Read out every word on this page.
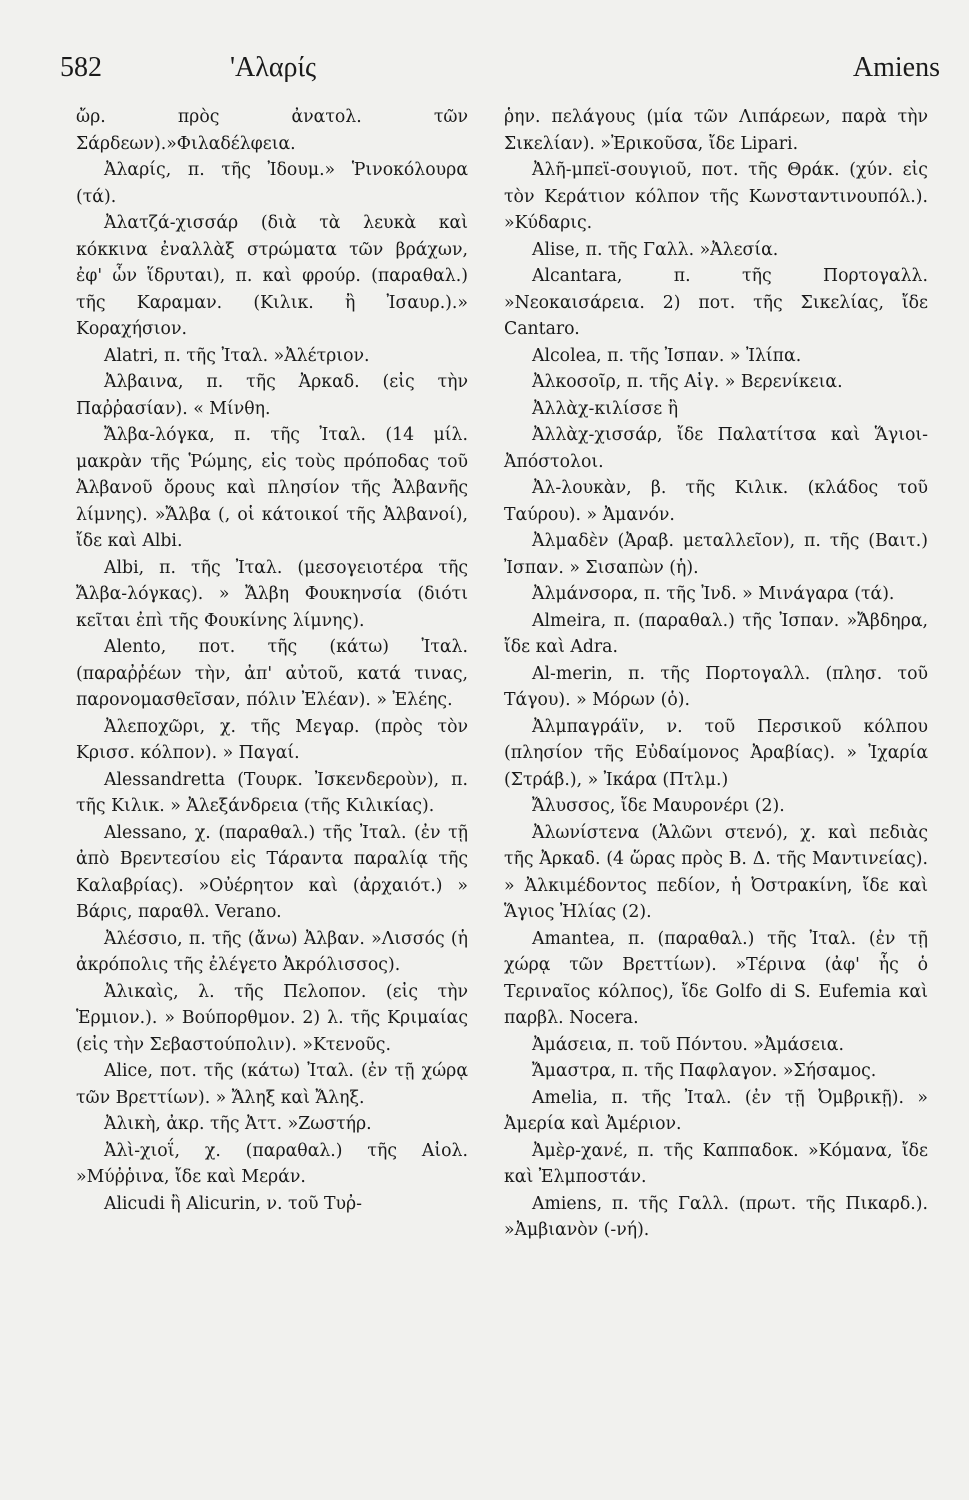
582	'Αλαρίς	Amiens

ὤρ. πρὸς ἀνατολ. τῶν Σάρδεων).»Φιλαδέλφεια.

Ἀλαρίς, π. τῆς Ἰδουμ.» Ῥινοκόλουρα (τά).

Ἀλατζά-χισσάρ (διὰ τὰ λευκὰ καὶ κόκκινα ἐναλλὰξ στρώματα τῶν βράχων, ἐφ' ὧν ἵδρυται), π. καὶ φρούρ. (παραθαλ.) τῆς Καραμαν. (Κιλικ. ἢ Ἰσαυρ.).» Κοραχήσιον.

Alatri, π. τῆς Ἰταλ. »Ἀλέτριον.

Ἀλβαινα, π. τῆς Ἀρκαδ. (εἰς τὴν Παῤῥασίαν). « Μίνθη.

Ἄλβα-λόγκα, π. τῆς Ἰταλ. (14 μίλ. μακρὰν τῆς Ῥώμης, εἰς τοὺς πρόποδας τοῦ Ἀλβανοῦ ὄρους καὶ πλησίον τῆς Ἀλβανῆς λίμνης). »Ἄλβα (, οἱ κάτοικοί τῆς Ἀλβανοί), ἴδε καὶ Albi.

Albi, π. τῆς Ἰταλ. (μεσογειοτέρα τῆς Ἄλβα-λόγκας). » Ἄλβη Φουκηνσία (διότι κεῖται ἐπὶ τῆς Φουκίνης λίμνης).

Alento, ποτ. τῆς (κάτω) Ἰταλ. (παραῤῥέων τὴν, ἀπ' αὐτοῦ, κατά τινας, παρονομασθεῖσαν, πόλιν Ἐλέαν). » Ἐλέης.

Ἀλεποχῶρι, χ. τῆς Μεγαρ. (πρὸς τὸν Κρισσ. κόλπον). » Παγαί.

Alessandretta (Τουρκ. Ἰσκενδεροὺν), π. τῆς Κιλικ. » Ἀλεξάνδρεια (τῆς Κιλικίας).

Alessano, χ. (παραθαλ.) τῆς Ἰταλ. (ἐν τῇ ἀπὸ Βρεντεσίου εἰς Τάραντα παραλίᾳ τῆς Καλαβρίας). »Οὐέρητον καὶ (ἀρχαιότ.) » Βάρις, παραθλ. Verano.

Ἀλέσσιο, π. τῆς (ἄνω) Ἀλβαν. »Λισσός (ἡ ἀκρόπολις τῆς ἐλέγετο Ἀκρόλισσος).

Ἀλικαὶς, λ. τῆς Πελοπον. (εἰς τὴν Ἑρμιον.). » Βούπορθμον. 2) λ. τῆς Κριμαίας (εἰς τὴν Σεβαστούπολιν). »Κτενοῦς.

Alice, ποτ. τῆς (κάτω) Ἰταλ. (ἐν τῇ χώρᾳ τῶν Βρεττίων). » Ἄληξ καὶ Ἄληξ.

Ἀλικὴ, ἀκρ. τῆς Ἀττ. »Ζωστήρ.

Ἀλὶ-χιοΐ, χ. (παραθαλ.) τῆς Αἰολ. »Μύῤῥινα, ἴδε καὶ Μεράν.

Alicudi ἢ Alicurin, ν. τοῦ Τυῤ-

ῥην. πελάγους (μία τῶν Λιπάρεων, παρὰ τὴν Σικελίαν). »Ἐρικοῦσα, ἴδε Lipari.

Ἀλῆ-μπεϊ-σουγιοῦ, ποτ. τῆς Θράκ. (χύν. εἰς τὸν Κεράτιον κόλπον τῆς Κωνσταντινουπόλ.). »Κύδαρις.

Alise, π. τῆς Γαλλ. »Ἀλεσία.

Alcantara, π. τῆς Πορτογαλλ. »Νεοκαισάρεια. 2) ποτ. τῆς Σικελίας, ἴδε Cantaro.

Alcolea, π. τῆς Ἰσπαν. » Ἰλίπα.

Ἀλκοσοῖρ, π. τῆς Αἰγ. » Βερενίκεια.

Ἀλλὰχ-κιλίσσε ἢ

Ἀλλὰχ-χισσάρ, ἴδε Παλατίτσα καὶ Ἅγιοι-Ἀπόστολοι.

Ἀλ-λουκὰν, β. τῆς Κιλικ. (κλάδος τοῦ Ταύρου). » Ἀμανόν.

Ἀλμαδὲν (Ἀραβ. μεταλλεῖον), π. τῆς (Βαιτ.) Ἰσπαν. » Σισαπὼν (ἡ).

Ἀλμάνσορα, π. τῆς Ἰνδ. » Μινάγαρα (τά).

Almeira, π. (παραθαλ.) τῆς Ἰσπαν. »Ἄβδηρα, ἴδε καὶ Adra.

Al-merin, π. τῆς Πορτογαλλ. (πλησ. τοῦ Τάγου). » Μόρων (ὁ).

Ἀλμπαγράϊν, ν. τοῦ Περσικοῦ κόλπου (πλησίον τῆς Εὐδαίμονος Ἀραβίας). » Ἰχαρία (Στράβ.), » Ἰκάρα (Πτλμ.)

Ἄλυσσος, ἴδε Μαυρονέρι (2).

Ἀλωνίστενα (Ἁλῶνι στενό), χ. καὶ πεδιὰς τῆς Ἀρκαδ. (4 ὥρας πρὸς Β. Δ. τῆς Μαντινείας). » Ἀλκιμέδοντος πεδίον, ἡ Ὀστρακίνη, ἴδε καὶ Ἅγιος Ἠλίας (2).

Amantea, π. (παραθαλ.) τῆς Ἰταλ. (ἐν τῇ χώρᾳ τῶν Βρεττίων). »Τέρινα (ἀφ' ἧς ὁ Τεριναῖος κόλπος), ἴδε Golfo di S. Eufemia καὶ παρβλ. Nocera.

Ἀμάσεια, π. τοῦ Πόντου. »Ἀμάσεια.

Ἄμαστρα, π. τῆς Παφλαγον. »Σήσαμος.

Amelia, π. τῆς Ἰταλ. (ἐν τῇ Ὀμβρικῇ). » Ἀμερία καὶ Ἀμέριον.

Ἀμὲρ-χανέ, π. τῆς Καππαδοκ. »Κόμανα, ἴδε καὶ Ἐλμποστάν.

Amiens, π. τῆς Γαλλ. (πρωτ. τῆς Πικαρδ.). »Ἀμβιανὸν (-νή).
